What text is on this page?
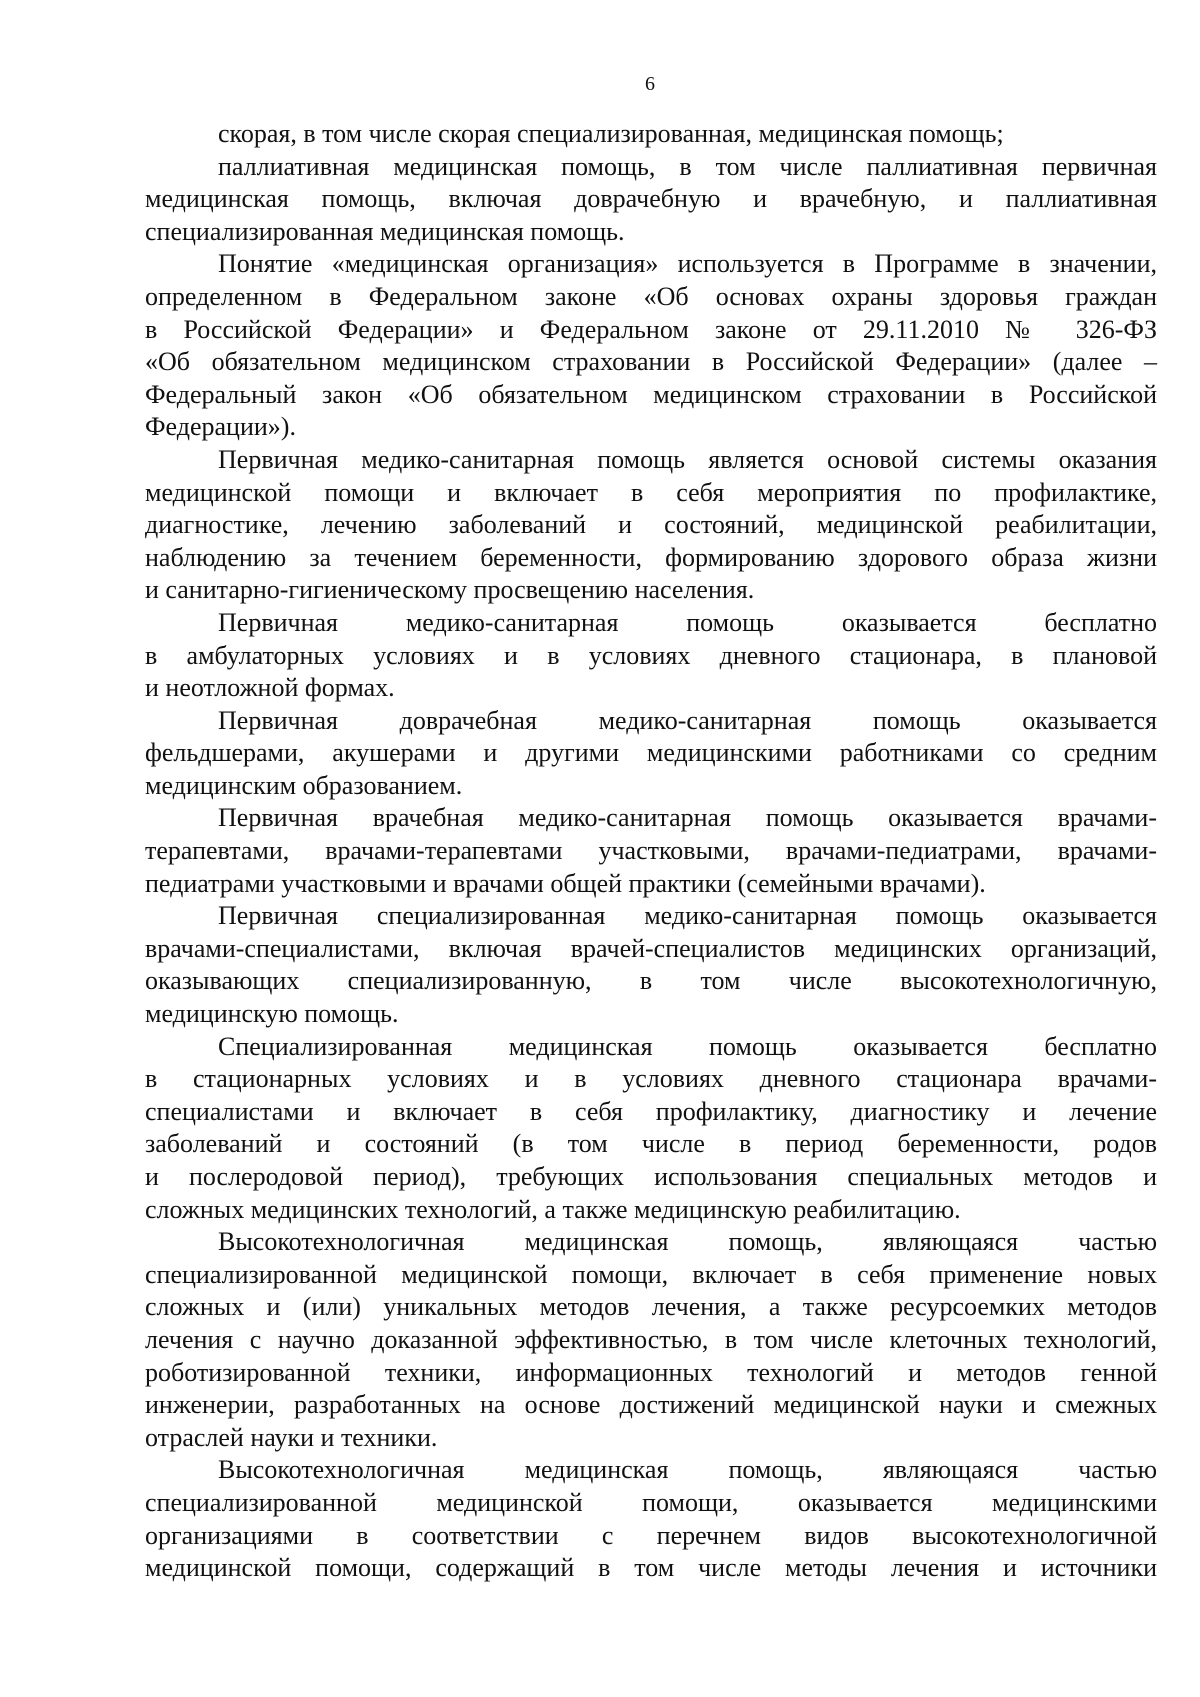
6
скорая, в том числе скорая специализированная, медицинская помощь;
паллиативная медицинская помощь, в том числе паллиативная первичная
медицинская помощь, включая доврачебную и врачебную, и паллиативная
специализированная медицинская помощь.
Понятие «медицинская организация» используется в Программе в значении,
определенном в Федеральном законе «Об основах охраны здоровья граждан
в Российской Федерации» и Федеральном законе от 29.11.2010 № 326-ФЗ
«Об обязательном медицинском страховании в Российской Федерации» (далее –
Федеральный закон «Об обязательном медицинском страховании в Российской
Федерации»).
Первичная медико-санитарная помощь является основой системы оказания
медицинской помощи и включает в себя мероприятия по профилактике,
диагностике, лечению заболеваний и состояний, медицинской реабилитации,
наблюдению за течением беременности, формированию здорового образа жизни
и санитарно-гигиеническому просвещению населения.
Первичная медико-санитарная помощь оказывается бесплатно
в амбулаторных условиях и в условиях дневного стационара, в плановой
и неотложной формах.
Первичная доврачебная медико-санитарная помощь оказывается
фельдшерами, акушерами и другими медицинскими работниками со средним
медицинским образованием.
Первичная врачебная медико-санитарная помощь оказывается врачами-
терапевтами, врачами-терапевтами участковыми, врачами-педиатрами, врачами-
педиатрами участковыми и врачами общей практики (семейными врачами).
Первичная специализированная медико-санитарная помощь оказывается
врачами-специалистами, включая врачей-специалистов медицинских организаций,
оказывающих специализированную, в том числе высокотехнологичную,
медицинскую помощь.
Специализированная медицинская помощь оказывается бесплатно
в стационарных условиях и в условиях дневного стационара врачами-
специалистами и включает в себя профилактику, диагностику и лечение
заболеваний и состояний (в том числе в период беременности, родов
и послеродовой период), требующих использования специальных методов и
сложных медицинских технологий, а также медицинскую реабилитацию.
Высокотехнологичная медицинская помощь, являющаяся частью
специализированной медицинской помощи, включает в себя применение новых
сложных и (или) уникальных методов лечения, а также ресурсоемких методов
лечения с научно доказанной эффективностью, в том числе клеточных технологий,
роботизированной техники, информационных технологий и методов генной
инженерии, разработанных на основе достижений медицинской науки и смежных
отраслей науки и техники.
Высокотехнологичная медицинская помощь, являющаяся частью
специализированной медицинской помощи, оказывается медицинскими
организациями в соответствии с перечнем видов высокотехнологичной
медицинской помощи, содержащий в том числе методы лечения и источники
